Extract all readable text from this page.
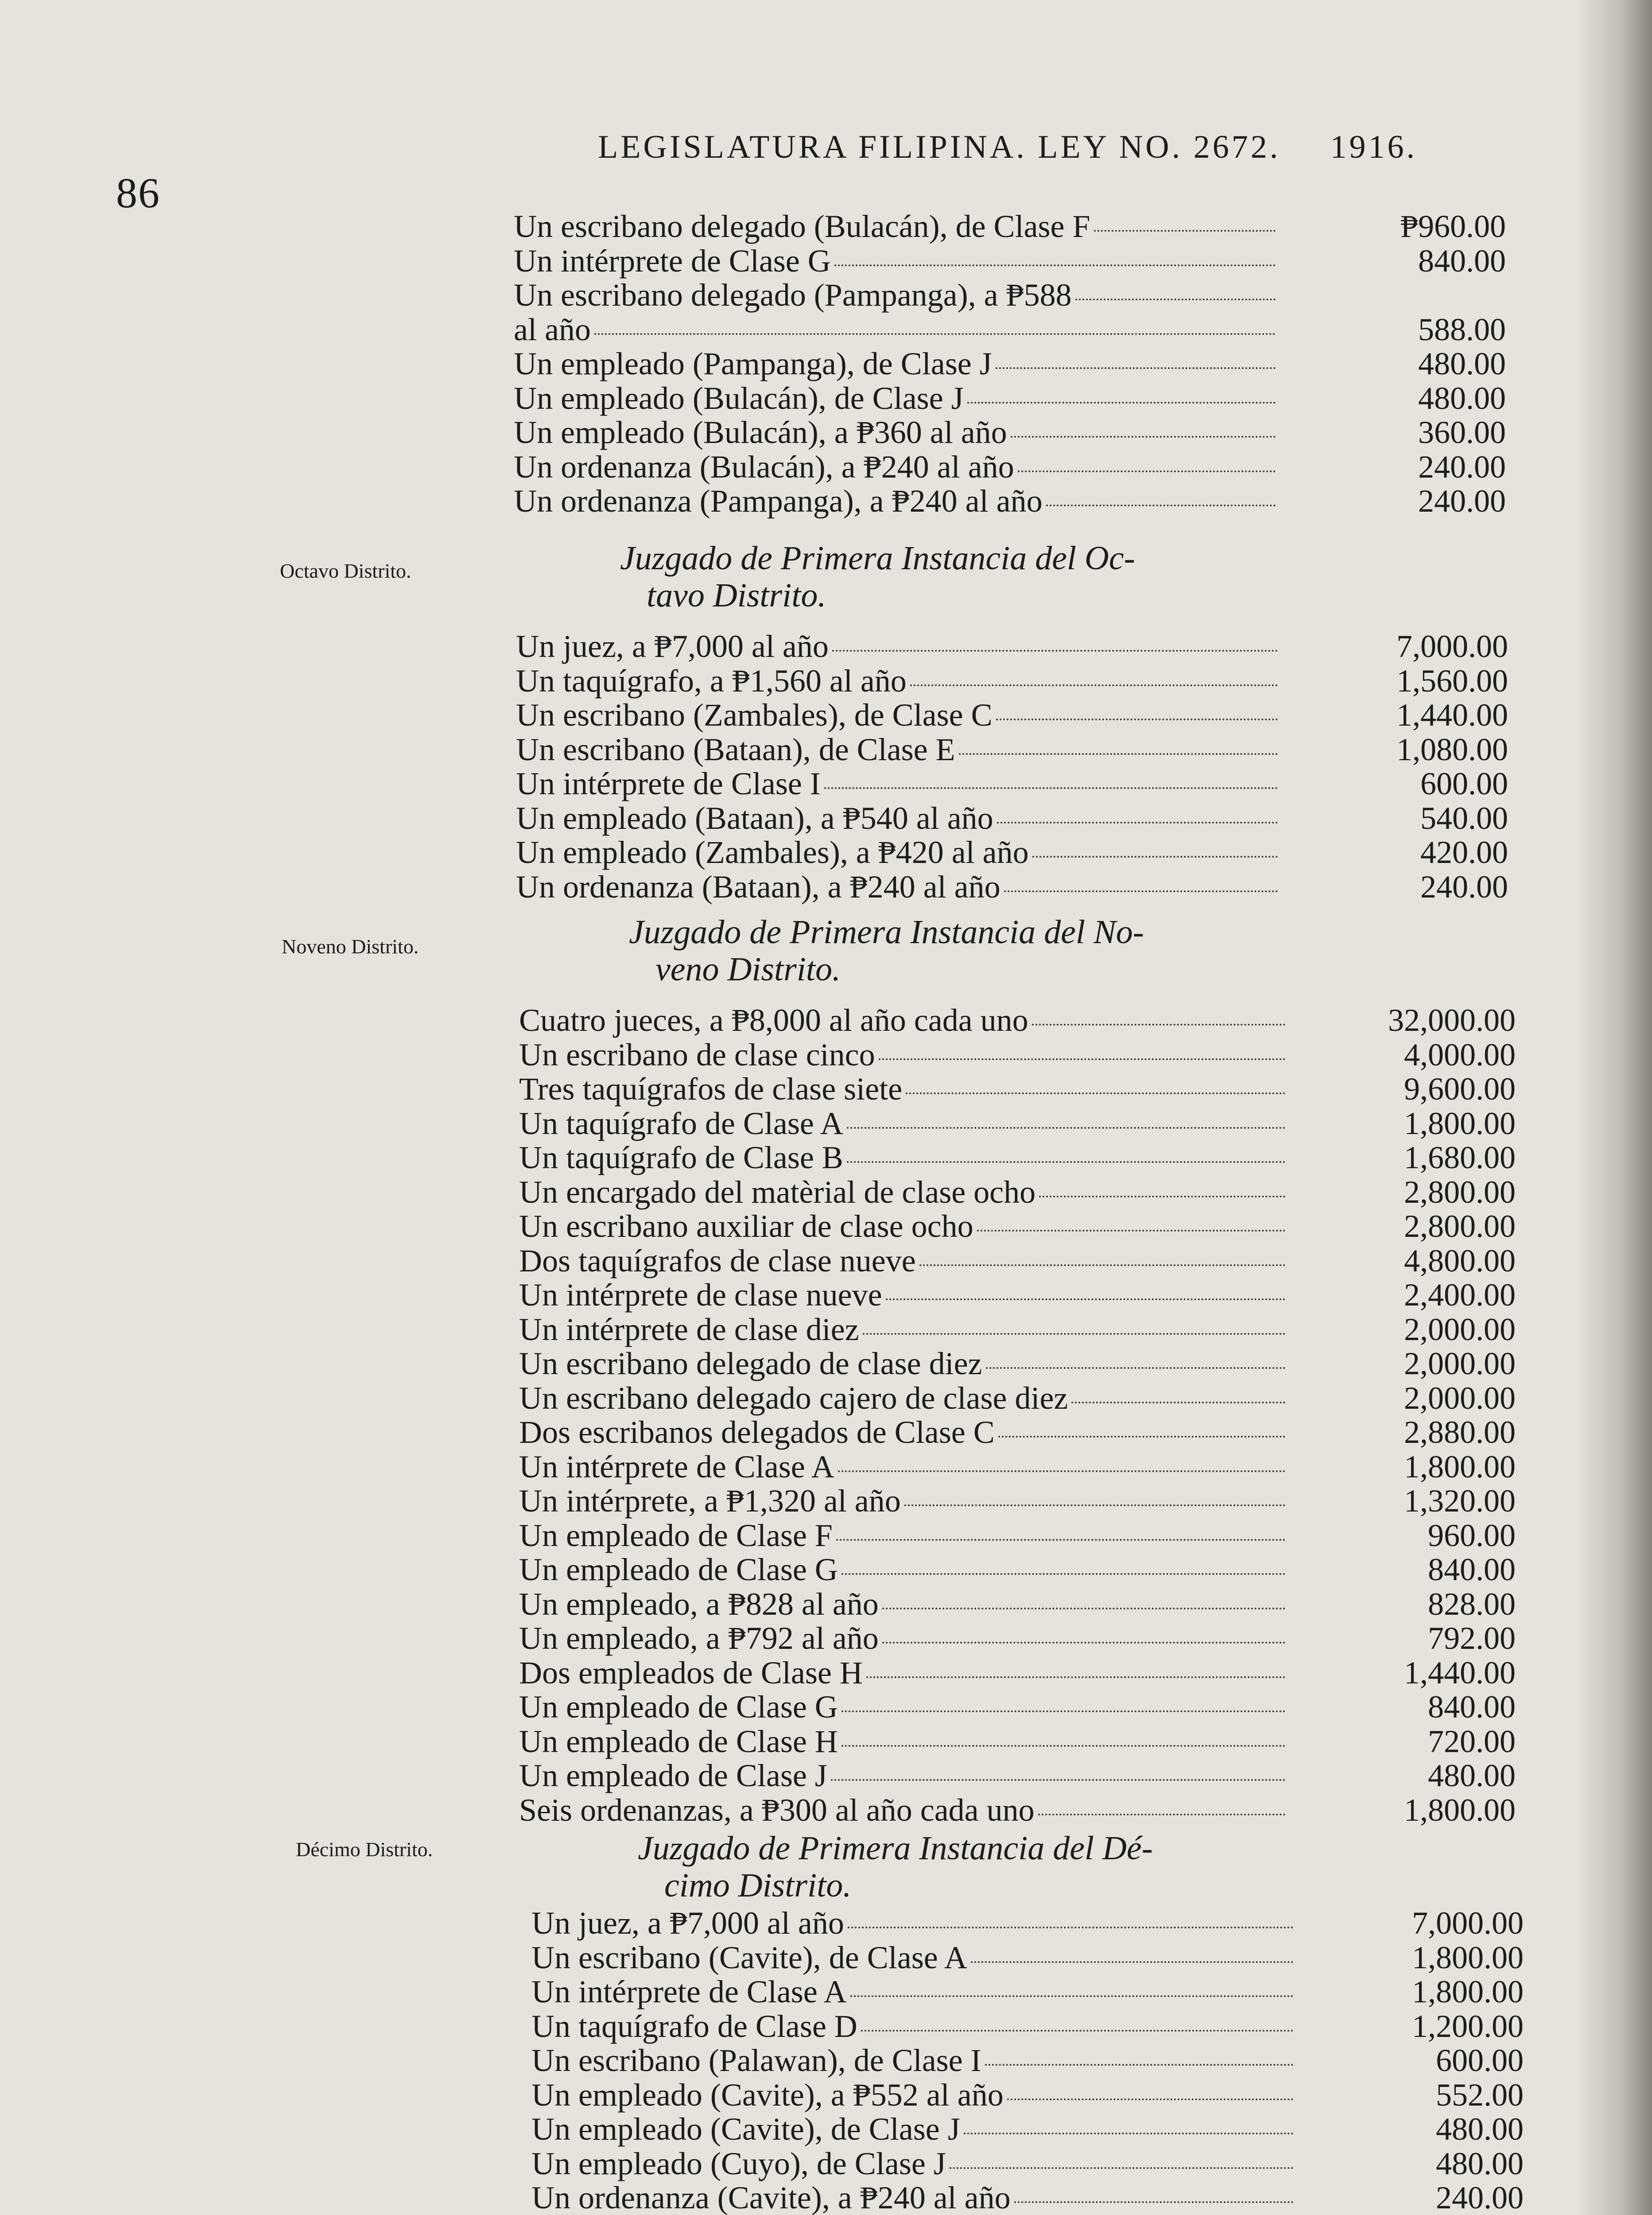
86
LEGISLATURA FILIPINA. LEY NO. 2672. 1916.
Un escribano delegado (Bulacán), de Clase F	₱960.00
Un intérprete de Clase G	840.00
Un escribano delegado (Pampanga), a ₱588
al año	588.00
Un empleado (Pampanga), de Clase J	480.00
Un empleado (Bulacán), de Clase J	480.00
Un empleado (Bulacán), a ₱360 al año	360.00
Un ordenanza (Bulacán), a ₱240 al año	240.00
Un ordenanza (Pampanga), a ₱240 al año	240.00
Octavo Distrito.	Juzgado de Primera Instancia del Oc-
tavo Distrito.
Un juez, a ₱7,000 al año	7,000.00
Un taquígrafo, a ₱1,560 al año	1,560.00
Un escribano (Zambales), de Clase C	1,440.00
Un escribano (Bataan), de Clase E	1,080.00
Un intérprete de Clase I	600.00
Un empleado (Bataan), a ₱540 al año	540.00
Un empleado (Zambales), a ₱420 al año	420.00
Un ordenanza (Bataan), a ₱240 al año	240.00
Noveno Distrito.	Juzgado de Primera Instancia del No-
veno Distrito.
Cuatro jueces, a ₱8,000 al año cada uno	32,000.00
Un escribano de clase cinco	4,000.00
Tres taquígrafos de clase siete	9,600.00
Un taquígrafo de Clase A	1,800.00
Un taquígrafo de Clase B	1,680.00
Un encargado del matèrial de clase ocho	2,800.00
Un escribano auxiliar de clase ocho	2,800.00
Dos taquígrafos de clase nueve	4,800.00
Un intérprete de clase nueve	2,400.00
Un intérprete de clase diez	2,000.00
Un escribano delegado de clase diez	2,000.00
Un escribano delegado cajero de clase diez	2,000.00
Dos escribanos delegados de Clase C	2,880.00
Un intérprete de Clase A	1,800.00
Un intérprete, a ₱1,320 al año	1,320.00
Un empleado de Clase F	960.00
Un empleado de Clase G	840.00
Un empleado, a ₱828 al año	828.00
Un empleado, a ₱792 al año	792.00
Dos empleados de Clase H	1,440.00
Un empleado de Clase G	840.00
Un empleado de Clase H	720.00
Un empleado de Clase J	480.00
Seis ordenanzas, a ₱300 al año cada uno	1,800.00
Décimo Distrito.	Juzgado de Primera Instancia del Dé-
cimo Distrito.
Un juez, a ₱7,000 al año	7,000.00
Un escribano (Cavite), de Clase A	1,800.00
Un intérprete de Clase A	1,800.00
Un taquígrafo de Clase D	1,200.00
Un escribano (Palawan), de Clase I	600.00
Un empleado (Cavite), a ₱552 al año	552.00
Un empleado (Cavite), de Clase J	480.00
Un empleado (Cuyo), de Clase J	480.00
Un ordenanza (Cavite), a ₱240 al año	240.00
